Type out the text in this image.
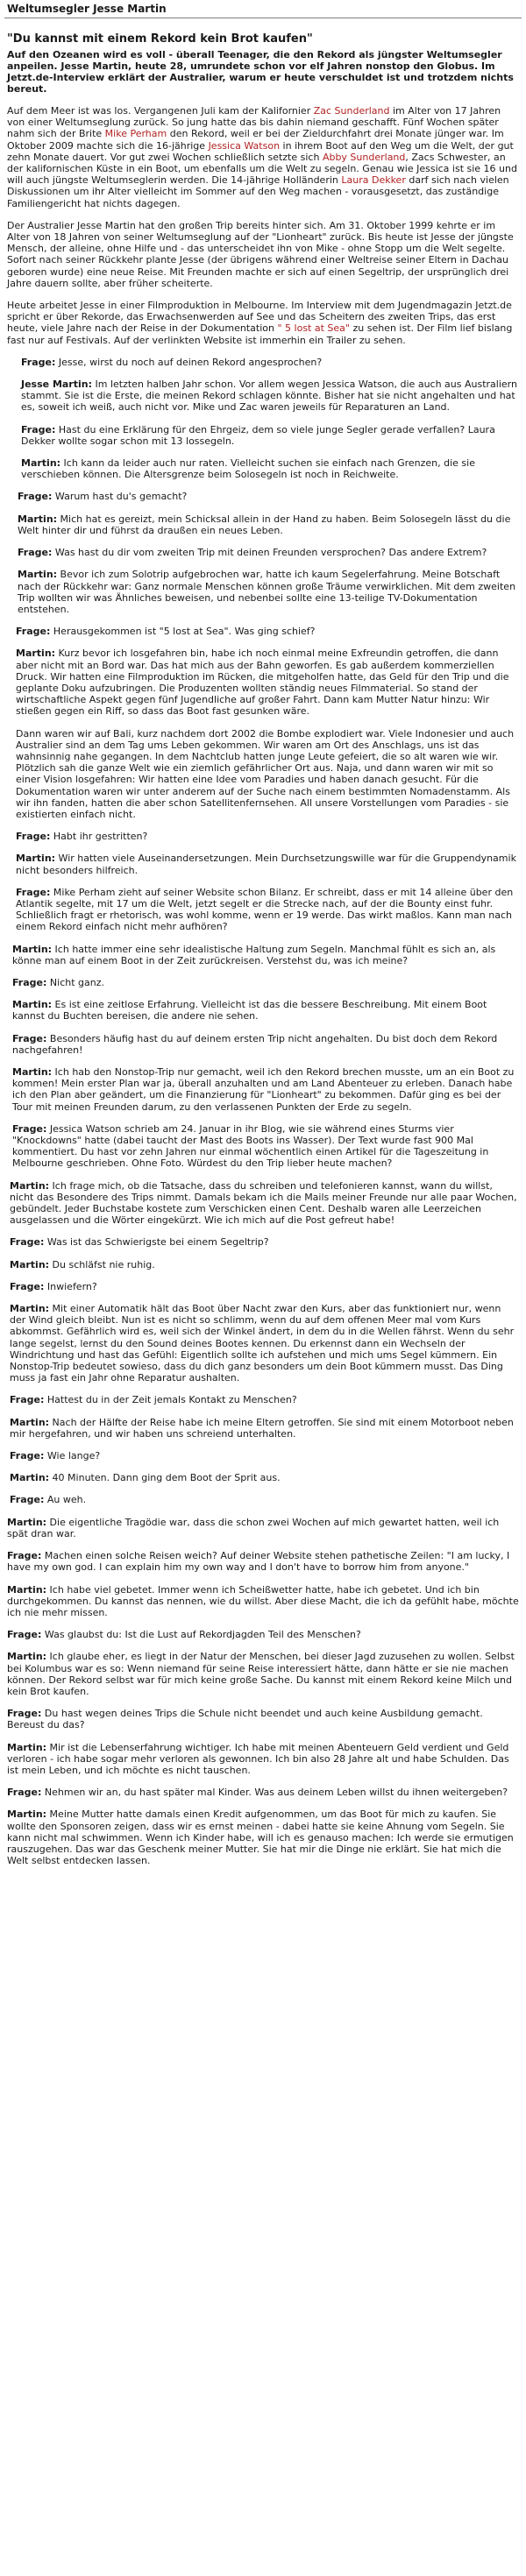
Weltumsegler Jesse Martin
"Du kannst mit einem Rekord kein Brot kaufen"

Auf den Ozeanen wird es voll - überall Teenager, die den Rekord als jüngster Weltumsegler anpeilen. Jesse Martin, heute 28, umrundete schon vor elf Jahren nonstop den Globus. Im Jetzt.de-Interview erklärt der Australier, warum er heute verschuldet ist und trotzdem nichts bereut.

Auf dem Meer ist was los. Vergangenen Juli kam der Kalifornier Zac Sunderland im Alter von 17 Jahren von einer Weltumseglung zurück. So jung hatte das bis dahin niemand geschafft. Fünf Wochen später nahm sich der Brite Mike Perham den Rekord, weil er bei der Zieldurchfahrt drei Monate jünger war. Im Oktober 2009 machte sich die 16-jährige Jessica Watson in ihrem Boot auf den Weg um die Welt, der gut zehn Monate dauert. Vor gut zwei Wochen schließlich setzte sich Abby Sunderland, Zacs Schwester, an der kalifornischen Küste in ein Boot, um ebenfalls um die Welt zu segeln. Genau wie Jessica ist sie 16 und will auch jüngste Weltumseglerin werden. Die 14-jährige Holländerin Laura Dekker darf sich nach vielen Diskussionen um ihr Alter vielleicht im Sommer auf den Weg machen - vorausgesetzt, das zuständige Familiengericht hat nichts dagegen.

Der Australier Jesse Martin hat den großen Trip bereits hinter sich. Am 31. Oktober 1999 kehrte er im Alter von 18 Jahren von seiner Weltumseglung auf der "Lionheart" zurück. Bis heute ist Jesse der jüngste Mensch, der alleine, ohne Hilfe und - das unterscheidet ihn von Mike - ohne Stopp um die Welt segelte. Sofort nach seiner Rückkehr plante Jesse (der übrigens während einer Weltreise seiner Eltern in Dachau geboren wurde) eine neue Reise. Mit Freunden machte er sich auf einen Segeltrip, der ursprünglich drei Jahre dauern sollte, aber früher scheiterte.

Heute arbeitet Jesse in einer Filmproduktion in Melbourne. Im Interview mit dem Jugendmagazin Jetzt.de spricht er über Rekorde, das Erwachsenwerden auf See und das Scheitern des zweiten Trips, das erst heute, viele Jahre nach der Reise in der Dokumentation " 5 lost at Sea" zu sehen ist. Der Film lief bislang fast nur auf Festivals. Auf der verlinkten Website ist immerhin ein Trailer zu sehen.

Frage: Jesse, wirst du noch auf deinen Rekord angesprochen?
Jesse Martin: Im letzten halben Jahr schon. Vor allem wegen Jessica Watson, die auch aus Australiern stammt. Sie ist die Erste, die meinen Rekord schlagen könnte. Bisher hat sie nicht angehalten und hat es, soweit ich weiß, auch nicht vor. Mike und Zac waren jeweils für Reparaturen an Land.
Frage: Hast du eine Erklärung für den Ehrgeiz, dem so viele junge Segler gerade verfallen? Laura Dekker wollte sogar schon mit 13 lossegeln.
Martin: Ich kann da leider auch nur raten. Vielleicht suchen sie einfach nach Grenzen, die sie verschieben können. Die Altersgrenze beim Solosegeln ist noch in Reichweite.
Frage: Warum hast du's gemacht?
Martin: Mich hat es gereizt, mein Schicksal allein in der Hand zu haben. Beim Solosegeln lässt du die Welt hinter dir und führst da draußen ein neues Leben.
Frage: Was hast du dir vom zweiten Trip mit deinen Freunden versprochen? Das andere Extrem?
Martin: Bevor ich zum Solotrip aufgebrochen war, hatte ich kaum Segelerfahrung. Meine Botschaft nach der Rückkehr war: Ganz normale Menschen können große Träume verwirklichen. Mit dem zweiten Trip wollten wir was Ähnliches beweisen, und nebenbei sollte eine 13-teilige TV-Dokumentation entstehen.
Frage: Herausgekommen ist "5 lost at Sea". Was ging schief?
Martin: Kurz bevor ich losgefahren bin, habe ich noch einmal meine Exfreundin getroffen, die dann aber nicht mit an Bord war. Das hat mich aus der Bahn geworfen. Es gab außerdem kommerziellen Druck. Wir hatten eine Filmproduktion im Rücken, die mitgeholfen hatte, das Geld für den Trip und die geplante Doku aufzubringen. Die Produzenten wollten ständig neues Filmmaterial. So stand der wirtschaftliche Aspekt gegen fünf Jugendliche auf großer Fahrt. Dann kam Mutter Natur hinzu: Wir stießen gegen ein Riff, so dass das Boot fast gesunken wäre.
Dann waren wir auf Bali, kurz nachdem dort 2002 die Bombe explodiert war. Viele Indonesier und auch Australier sind an dem Tag ums Leben gekommen. Wir waren am Ort des Anschlags, uns ist das wahnsinnig nahe gegangen. In dem Nachtclub hatten junge Leute gefeiert, die so alt waren wie wir. Plötzlich sah die ganze Welt wie ein ziemlich gefährlicher Ort aus. Naja, und dann waren wir mit so einer Vision losgefahren: Wir hatten eine Idee vom Paradies und haben danach gesucht. Für die Dokumentation waren wir unter anderem auf der Suche nach einem bestimmten Nomadenstamm. Als wir ihn fanden, hatten die aber schon Satellitenfernsehen. All unsere Vorstellungen vom Paradies - sie existierten einfach nicht.
Frage: Habt ihr gestritten?
Martin: Wir hatten viele Auseinandersetzungen. Mein Durchsetzungswille war für die Gruppendynamik nicht besonders hilfreich.
Frage: Mike Perham zieht auf seiner Website schon Bilanz. Er schreibt, dass er mit 14 alleine über den Atlantik segelte, mit 17 um die Welt, jetzt segelt er die Strecke nach, auf der die Bounty einst fuhr. Schließlich fragt er rhetorisch, was wohl komme, wenn er 19 werde. Das wirkt maßlos. Kann man nach einem Rekord einfach nicht mehr aufhören?
Martin: Ich hatte immer eine sehr idealistische Haltung zum Segeln. Manchmal fühlt es sich an, als könne man auf einem Boot in der Zeit zurückreisen. Verstehst du, was ich meine?
Frage: Nicht ganz.
Martin: Es ist eine zeitlose Erfahrung. Vielleicht ist das die bessere Beschreibung. Mit einem Boot kannst du Buchten bereisen, die andere nie sehen.
Frage: Besonders häufig hast du auf deinem ersten Trip nicht angehalten. Du bist doch dem Rekord nachgefahren!
Martin: Ich hab den Nonstop-Trip nur gemacht, weil ich den Rekord brechen musste, um an ein Boot zu kommen! Mein erster Plan war ja, überall anzuhalten und am Land Abenteuer zu erleben. Danach habe ich den Plan aber geändert, um die Finanzierung für "Lionheart" zu bekommen. Dafür ging es bei der Tour mit meinen Freunden darum, zu den verlassenen Punkten der Erde zu segeln.
Frage: Jessica Watson schrieb am 24. Januar in ihr Blog, wie sie während eines Sturms vier "Knockdowns" hatte (dabei taucht der Mast des Boots ins Wasser). Der Text wurde fast 900 Mal kommentiert. Du hast vor zehn Jahren nur einmal wöchentlich einen Artikel für die Tageszeitung in Melbourne geschrieben. Ohne Foto. Würdest du den Trip lieber heute machen?
Martin: Ich frage mich, ob die Tatsache, dass du schreiben und telefonieren kannst, wann du willst, nicht das Besondere des Trips nimmt. Damals bekam ich die Mails meiner Freunde nur alle paar Wochen, gebündelt. Jeder Buchstabe kostete zum Verschicken einen Cent. Deshalb waren alle Leerzeichen ausgelassen und die Wörter eingekürzt. Wie ich mich auf die Post gefreut habe!
Frage: Was ist das Schwierigste bei einem Segeltrip?
Martin: Du schläfst nie ruhig.
Frage: Inwiefern?
Martin: Mit einer Automatik hält das Boot über Nacht zwar den Kurs, aber das funktioniert nur, wenn der Wind gleich bleibt. Nun ist es nicht so schlimm, wenn du auf dem offenen Meer mal vom Kurs abkommst. Gefährlich wird es, weil sich der Winkel ändert, in dem du in die Wellen fährst. Wenn du sehr lange segelst, lernst du den Sound deines Bootes kennen. Du erkennst dann ein Wechseln der Windrichtung und hast das Gefühl: Eigentlich sollte ich aufstehen und mich ums Segel kümmern. Ein Nonstop-Trip bedeutet sowieso, dass du dich ganz besonders um dein Boot kümmern musst. Das Ding muss ja fast ein Jahr ohne Reparatur aushalten.
Frage: Hattest du in der Zeit jemals Kontakt zu Menschen?
Martin: Nach der Hälfte der Reise habe ich meine Eltern getroffen. Sie sind mit einem Motorboot neben mir hergefahren, und wir haben uns schreiend unterhalten.
Frage: Wie lange?
Martin: 40 Minuten. Dann ging dem Boot der Sprit aus.
Frage: Au weh.
Martin: Die eigentliche Tragödie war, dass die schon zwei Wochen auf mich gewartet hatten, weil ich spät dran war.
Frage: Machen einen solche Reisen weich? Auf deiner Website stehen pathetische Zeilen: "I am lucky, I have my own god. I can explain him my own way and I don't have to borrow him from anyone."
Martin: Ich habe viel gebetet. Immer wenn ich Scheißwetter hatte, habe ich gebetet. Und ich bin durchgekommen. Du kannst das nennen, wie du willst. Aber diese Macht, die ich da gefühlt habe, möchte ich nie mehr missen.
Frage: Was glaubst du: Ist die Lust auf Rekordjagden Teil des Menschen?
Martin: Ich glaube eher, es liegt in der Natur der Menschen, bei dieser Jagd zuzusehen zu wollen. Selbst bei Kolumbus war es so: Wenn niemand für seine Reise interessiert hätte, dann hätte er sie nie machen können. Der Rekord selbst war für mich keine große Sache. Du kannst mit einem Rekord keine Milch und kein Brot kaufen.
Frage: Du hast wegen deines Trips die Schule nicht beendet und auch keine Ausbildung gemacht. Bereust du das?
Martin: Mir ist die Lebenserfahrung wichtiger. Ich habe mit meinen Abenteuern Geld verdient und Geld verloren - ich habe sogar mehr verloren als gewonnen. Ich bin also 28 Jahre alt und habe Schulden. Das ist mein Leben, und ich möchte es nicht tauschen.
Frage: Nehmen wir an, du hast später mal Kinder. Was aus deinem Leben willst du ihnen weitergeben?
Martin: Meine Mutter hatte damals einen Kredit aufgenommen, um das Boot für mich zu kaufen. Sie wollte den Sponsoren zeigen, dass wir es ernst meinen - dabei hatte sie keine Ahnung vom Segeln. Sie kann nicht mal schwimmen. Wenn ich Kinder habe, will ich es genauso machen: Ich werde sie ermutigen rauszugehen. Das war das Geschenk meiner Mutter. Sie hat mir die Dinge nie erklärt. Sie hat mich die Welt selbst entdecken lassen.
